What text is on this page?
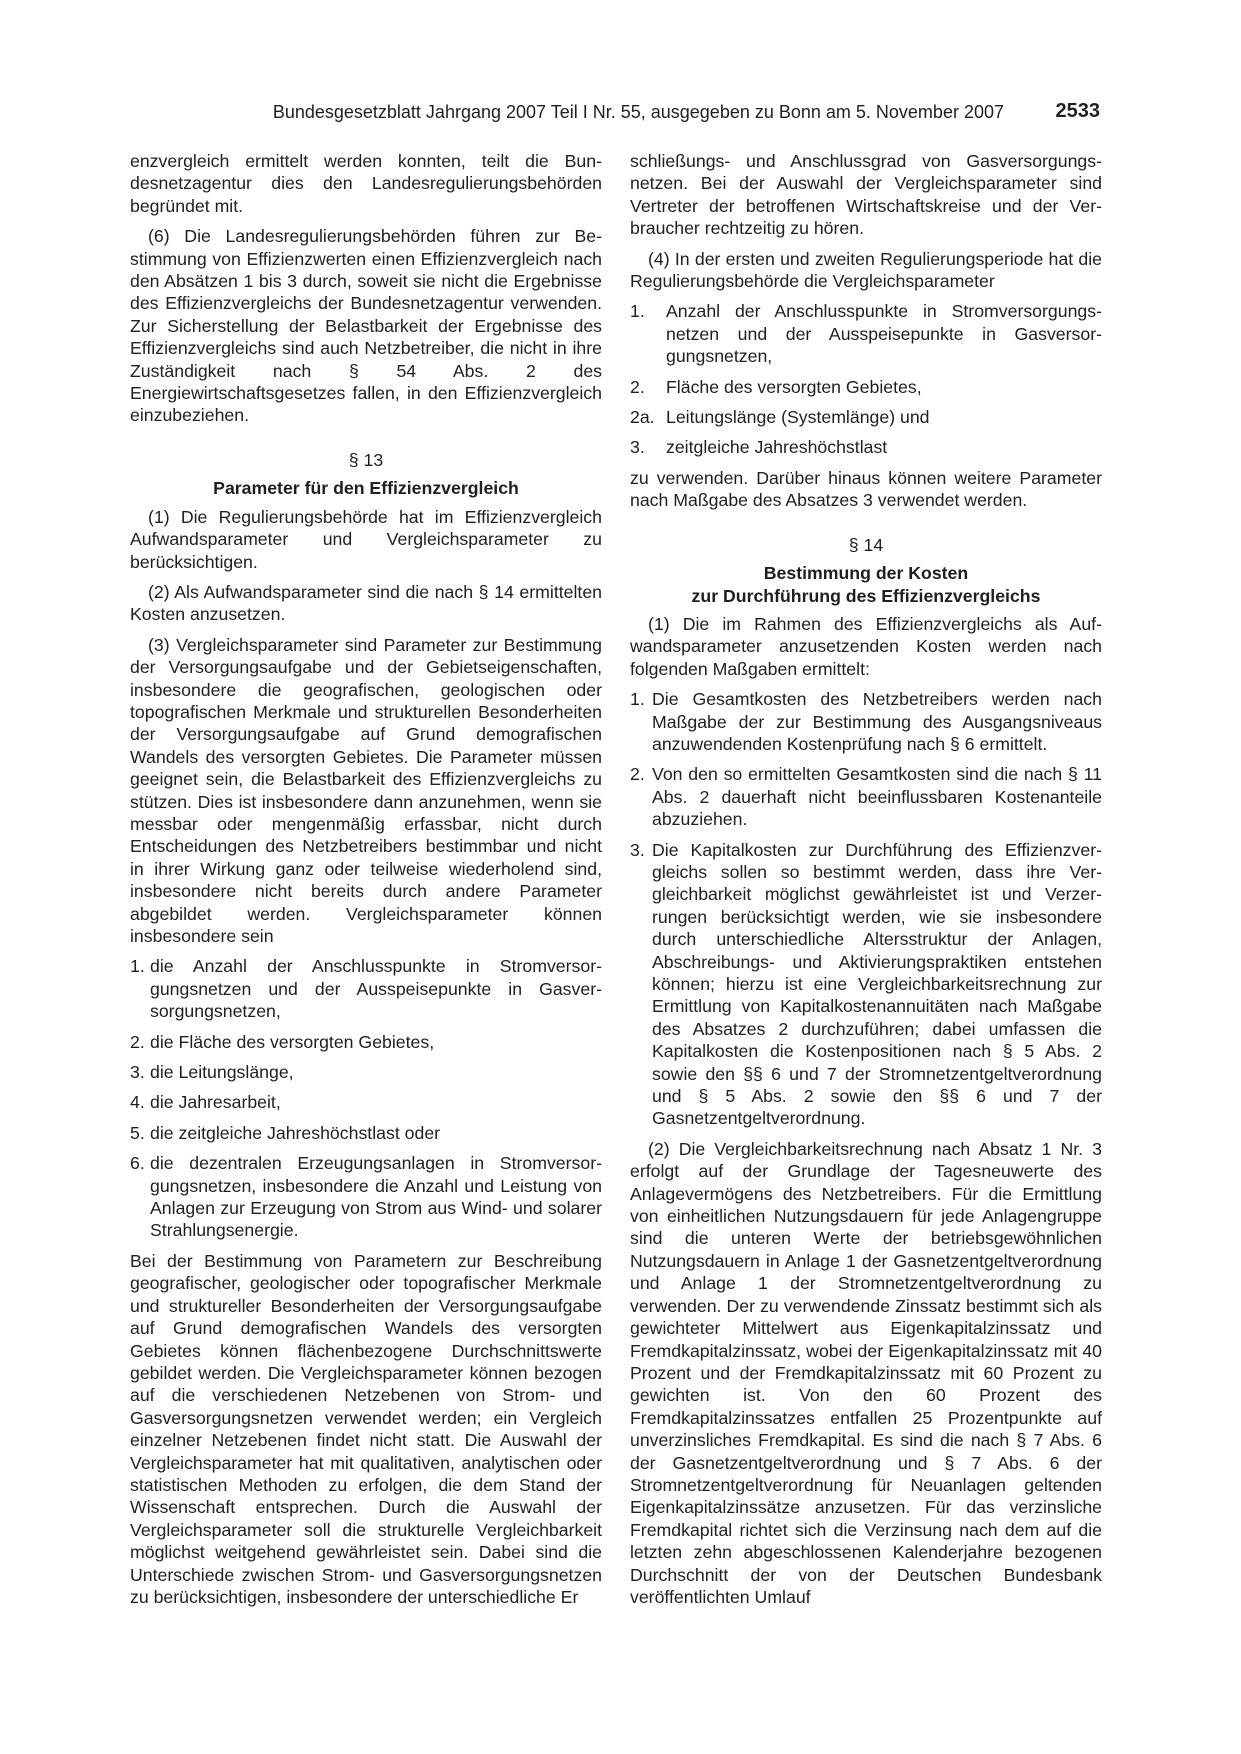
Bundesgesetzblatt Jahrgang 2007 Teil I Nr. 55, ausgegeben zu Bonn am 5. November 2007	2533

enzvergleich ermittelt werden konnten, teilt die Bundesnetzagentur dies den Landesregulierungsbehörden begründet mit.

(6) Die Landesregulierungsbehörden führen zur Bestimmung von Effizienzwerten einen Effizienzvergleich nach den Absätzen 1 bis 3 durch, soweit sie nicht die Ergebnisse des Effizienzvergleichs der Bundesnetzagentur verwenden. Zur Sicherstellung der Belastbarkeit der Ergebnisse des Effizienzvergleichs sind auch Netzbetreiber, die nicht in ihre Zuständigkeit nach § 54 Abs. 2 des Energiewirtschaftsgesetzes fallen, in den Effizienzvergleich einzubeziehen.

§ 13
Parameter für den Effizienzvergleich

(1) Die Regulierungsbehörde hat im Effizienzvergleich Aufwandsparameter und Vergleichsparameter zu berücksichtigen.

(2) Als Aufwandsparameter sind die nach § 14 ermittelten Kosten anzusetzen.

(3) Vergleichsparameter sind Parameter zur Bestimmung der Versorgungsaufgabe und der Gebietseigenschaften, insbesondere die geografischen, geologischen oder topografischen Merkmale und strukturellen Besonderheiten der Versorgungsaufgabe auf Grund demografischen Wandels des versorgten Gebietes. Die Parameter müssen geeignet sein, die Belastbarkeit des Effizienzvergleichs zu stützen. Dies ist insbesondere dann anzunehmen, wenn sie messbar oder mengenmäßig erfassbar, nicht durch Entscheidungen des Netzbetreibers bestimmbar und nicht in ihrer Wirkung ganz oder teilweise wiederholend sind, insbesondere nicht bereits durch andere Parameter abgebildet werden. Vergleichsparameter können insbesondere sein

1. die Anzahl der Anschlusspunkte in Stromversorgungsnetzen und der Ausspeisepunkte in Gasversorgungsnetzen,
2. die Fläche des versorgten Gebietes,
3. die Leitungslänge,
4. die Jahresarbeit,
5. die zeitgleiche Jahreshöchstlast oder
6. die dezentralen Erzeugungsanlagen in Stromversorgungsnetzen, insbesondere die Anzahl und Leistung von Anlagen zur Erzeugung von Strom aus Wind- und solarer Strahlungsenergie.

Bei der Bestimmung von Parametern zur Beschreibung geografischer, geologischer oder topografischer Merkmale und struktureller Besonderheiten der Versorgungsaufgabe auf Grund demografischen Wandels des versorgten Gebietes können flächenbezogene Durchschnittswerte gebildet werden. Die Vergleichsparameter können bezogen auf die verschiedenen Netzebenen von Strom- und Gasversorgungsnetzen verwendet werden; ein Vergleich einzelner Netzebenen findet nicht statt. Die Auswahl der Vergleichsparameter hat mit qualitativen, analytischen oder statistischen Methoden zu erfolgen, die dem Stand der Wissenschaft entsprechen. Durch die Auswahl der Vergleichsparameter soll die strukturelle Vergleichbarkeit möglichst weitgehend gewährleistet sein. Dabei sind die Unterschiede zwischen Strom- und Gasversorgungsnetzen zu berücksichtigen, insbesondere der unterschiedliche Er

schließungs- und Anschlussgrad von Gasversorgungsnetzen. Bei der Auswahl der Vergleichsparameter sind Vertreter der betroffenen Wirtschaftskreise und der Verbraucher rechtzeitig zu hören.

(4) In der ersten und zweiten Regulierungsperiode hat die Regulierungsbehörde die Vergleichsparameter

1. Anzahl der Anschlusspunkte in Stromversorgungsnetzen und der Ausspeisepunkte in Gasversorgungsnetzen,
2. Fläche des versorgten Gebietes,
2a. Leitungslänge (Systemlänge) und
3. zeitgleiche Jahreshöchstlast

zu verwenden. Darüber hinaus können weitere Parameter nach Maßgabe des Absatzes 3 verwendet werden.

§ 14
Bestimmung der Kosten
zur Durchführung des Effizienzvergleichs

(1) Die im Rahmen des Effizienzvergleichs als Aufwandsparameter anzusetzenden Kosten werden nach folgenden Maßgaben ermittelt:

1. Die Gesamtkosten des Netzbetreibers werden nach Maßgabe der zur Bestimmung des Ausgangsniveaus anzuwendenden Kostenprüfung nach § 6 ermittelt.
2. Von den so ermittelten Gesamtkosten sind die nach § 11 Abs. 2 dauerhaft nicht beeinflussbaren Kostenanteile abzuziehen.
3. Die Kapitalkosten zur Durchführung des Effizienzvergleichs sollen so bestimmt werden, dass ihre Vergleichbarkeit möglichst gewährleistet ist und Verzerrungen berücksichtigt werden, wie sie insbesondere durch unterschiedliche Altersstruktur der Anlagen, Abschreibungs- und Aktivierungspraktiken entstehen können; hierzu ist eine Vergleichbarkeitsrechnung zur Ermittlung von Kapitalkostenannuitäten nach Maßgabe des Absatzes 2 durchzuführen; dabei umfassen die Kapitalkosten die Kostenpositionen nach § 5 Abs. 2 sowie den §§ 6 und 7 der Stromnetzentgeltverordnung und § 5 Abs. 2 sowie den §§ 6 und 7 der Gasnetzentgeltverordnung.

(2) Die Vergleichbarkeitsrechnung nach Absatz 1 Nr. 3 erfolgt auf der Grundlage der Tagesneuwerte des Anlagevermögens des Netzbetreibers. Für die Ermittlung von einheitlichen Nutzungsdauern für jede Anlagengruppe sind die unteren Werte der betriebsgewöhnlichen Nutzungsdauern in Anlage 1 der Gasnetzentgeltverordnung und Anlage 1 der Stromnetzentgeltverordnung zu verwenden. Der zu verwendende Zinssatz bestimmt sich als gewichteter Mittelwert aus Eigenkapitalzinssatz und Fremdkapitalzinssatz, wobei der Eigenkapitalzinssatz mit 40 Prozent und der Fremdkapitalzinssatz mit 60 Prozent zu gewichten ist. Von den 60 Prozent des Fremdkapitalzinssatzes entfallen 25 Prozentpunkte auf unverzinsliches Fremdkapital. Es sind die nach § 7 Abs. 6 der Gasnetzentgeltverordnung und § 7 Abs. 6 der Stromnetzentgeltverordnung für Neuanlagen geltenden Eigenkapitalzinssätze anzusetzen. Für das verzinsliche Fremdkapital richtet sich die Verzinsung nach dem auf die letzten zehn abgeschlossenen Kalenderjahre bezogenen Durchschnitt der von der Deutschen Bundesbank veröffentlichten Umlauf
